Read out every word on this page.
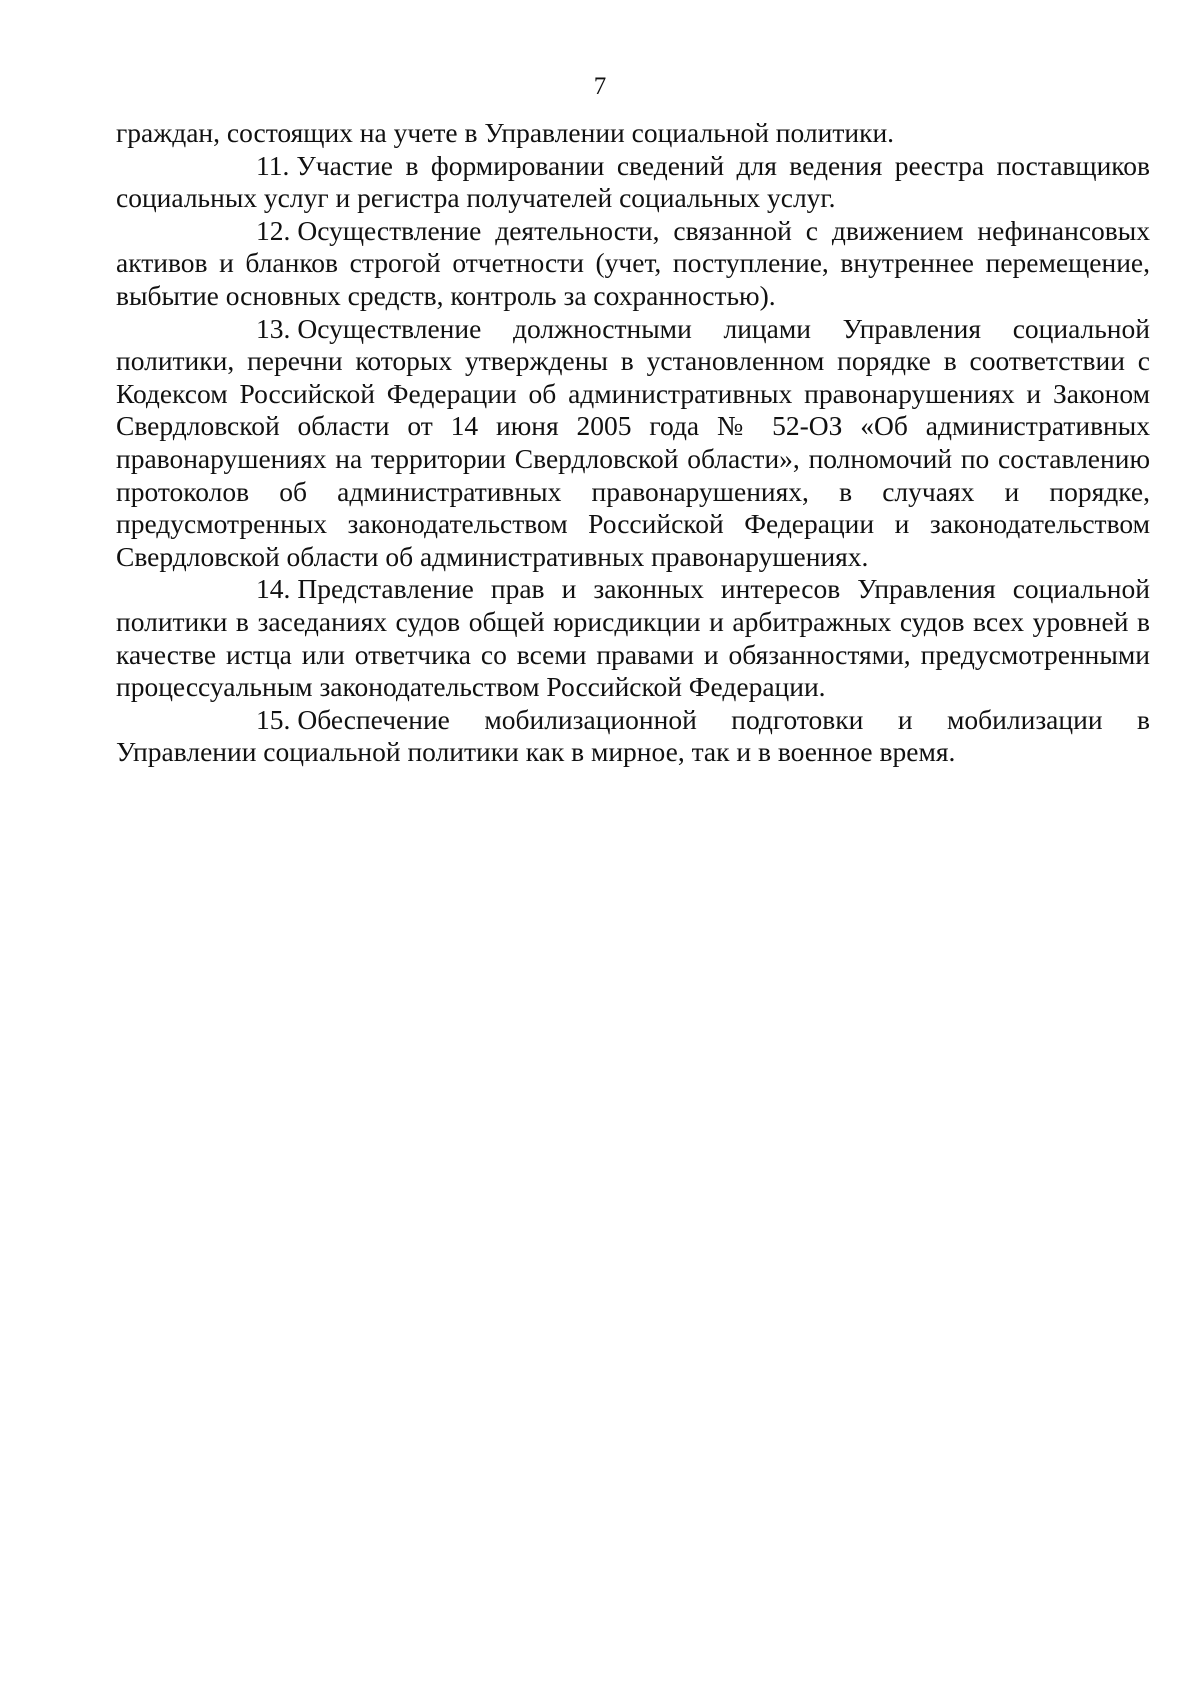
7

граждан, состоящих на учете в Управлении социальной политики.

11. Участие в формировании сведений для ведения реестра поставщиков социальных услуг и регистра получателей социальных услуг.

12. Осуществление деятельности, связанной с движением нефинансовых активов и бланков строгой отчетности (учет, поступление, внутреннее перемещение, выбытие основных средств, контроль за сохранностью).

13. Осуществление должностными лицами Управления социальной политики, перечни которых утверждены в установленном порядке в соответствии с Кодексом Российской Федерации об административных правонарушениях и Законом Свердловской области от 14 июня 2005 года № 52-ОЗ «Об административных правонарушениях на территории Свердловской области», полномочий по составлению протоколов об административных правонарушениях, в случаях и порядке, предусмотренных законодательством Российской Федерации и законодательством Свердловской области об административных правонарушениях.

14. Представление прав и законных интересов Управления социальной политики в заседаниях судов общей юрисдикции и арбитражных судов всех уровней в качестве истца или ответчика со всеми правами и обязанностями, предусмотренными процессуальным законодательством Российской Федерации.

15. Обеспечение мобилизационной подготовки и мобилизации в Управлении социальной политики как в мирное, так и в военное время.
